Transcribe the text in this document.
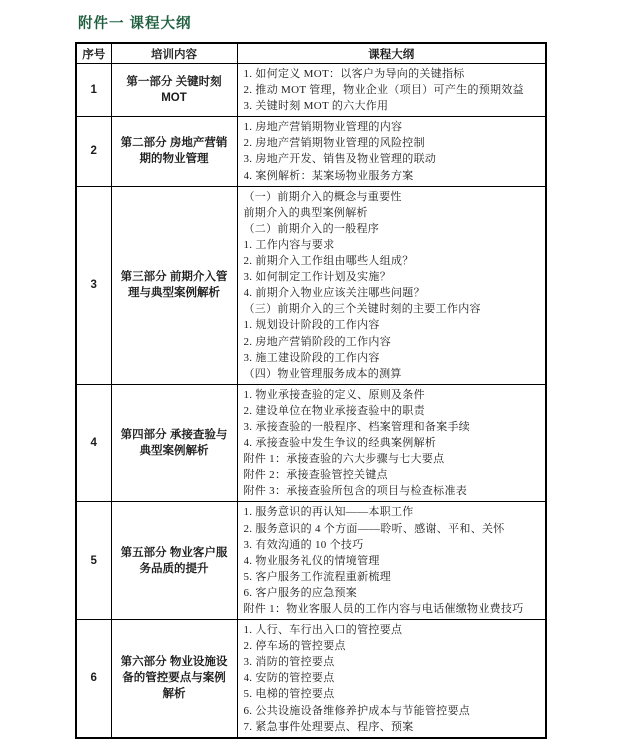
附件一 课程大纲
序号	培训内容	课程大纲
1	第一部分 关键时刻 MOT	1. 如何定义 MOT：以客户为导向的关键指标
2. 推动 MOT 管理，物业企业（项目）可产生的预期效益
3. 关键时刻 MOT 的六大作用

2	第二部分 房地产营销期的物业管理	1. 房地产营销期物业管理的内容
2. 房地产营销期物业管理的风险控制
3. 房地产开发、销售及物业管理的联动
4. 案例解析：某案场物业服务方案

3	第三部分 前期介入管理与典型案例解析	
（一）前期介入的概念与重要性
前期介入的典型案例解析
（二）前期介入的一般程序
1. 工作内容与要求
2. 前期介入工作组由哪些人组成？
3. 如何制定工作计划及实施？
4. 前期介入物业应该关注哪些问题？
（三）前期介入的三个关键时刻的主要工作内容
1. 规划设计阶段的工作内容
2. 房地产营销阶段的工作内容
3. 施工建设阶段的工作内容
（四）物业管理服务成本的测算

4	第四部分 承接查验与典型案例解析	
1. 物业承接查验的定义、原则及条件
2. 建设单位在物业承接查验中的职责
3. 承接查验的一般程序、档案管理和备案手续
4. 承接查验中发生争议的经典案例解析
附件 1：承接查验的六大步骤与七大要点
附件 2：承接查验管控关键点
附件 3：承接查验所包含的项目与检查标准表

5	第五部分 物业客户服务品质的提升	
1. 服务意识的再认知——本职工作
2. 服务意识的 4 个方面——聆听、感谢、平和、关怀
3. 有效沟通的 10 个技巧
4. 物业服务礼仪的情境管理
5. 客户服务工作流程重新梳理
6. 客户服务的应急预案
附件 1：物业客服人员的工作内容与电话催缴物业费技巧

6	第六部分 物业设施设备的管控要点与案例解析	
1. 人行、车行出入口的管控要点
2. 停车场的管控要点
3. 消防的管控要点
4. 安防的管控要点
5. 电梯的管控要点
6. 公共设施设备维修养护成本与节能管控要点
7. 紧急事件处理要点、程序、预案
